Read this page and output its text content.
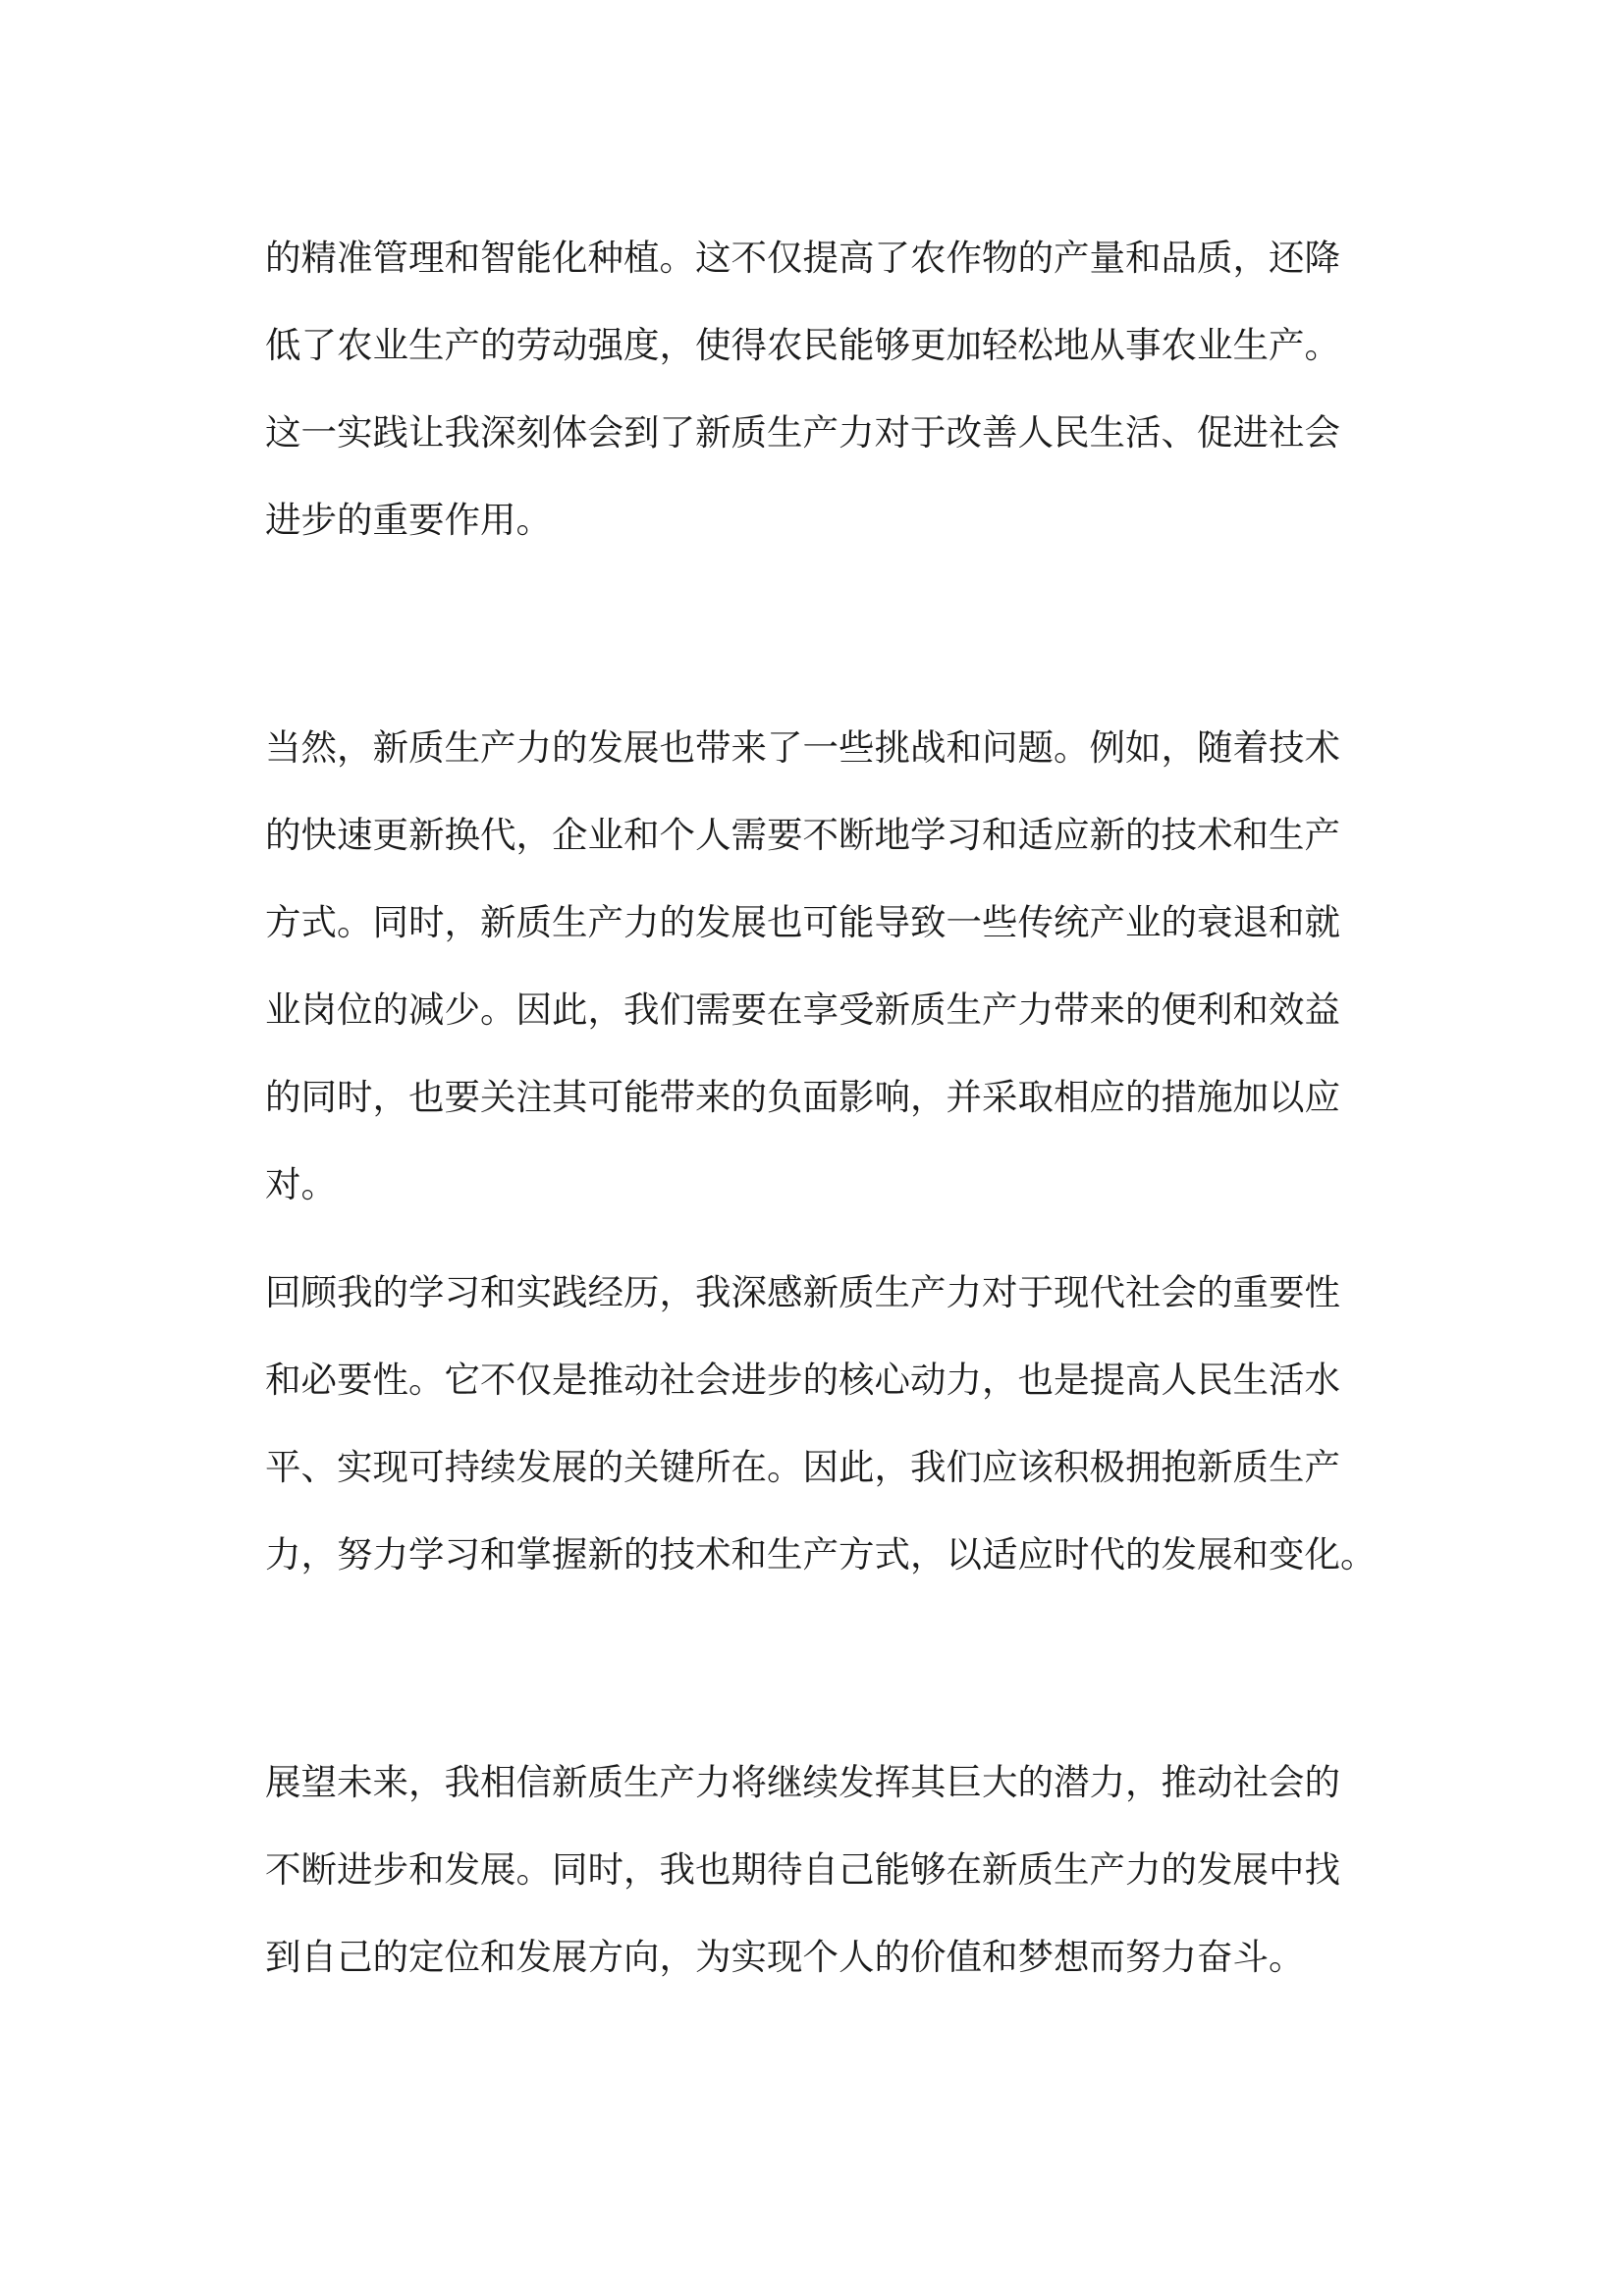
的精准管理和智能化种植。这不仅提高了农作物的产量和品质，还降
低了农业生产的劳动强度，使得农民能够更加轻松地从事农业生产。
这一实践让我深刻体会到了新质生产力对于改善人民生活、促进社会
进步的重要作用。
当然，新质生产力的发展也带来了一些挑战和问题。例如，随着技术
的快速更新换代，企业和个人需要不断地学习和适应新的技术和生产
方式。同时，新质生产力的发展也可能导致一些传统产业的衰退和就
业岗位的减少。因此，我们需要在享受新质生产力带来的便利和效益
的同时，也要关注其可能带来的负面影响，并采取相应的措施加以应
对。
回顾我的学习和实践经历，我深感新质生产力对于现代社会的重要性
和必要性。它不仅是推动社会进步的核心动力，也是提高人民生活水
平、实现可持续发展的关键所在。因此，我们应该积极拥抱新质生产
力，努力学习和掌握新的技术和生产方式，以适应时代的发展和变化。
展望未来，我相信新质生产力将继续发挥其巨大的潜力，推动社会的
不断进步和发展。同时，我也期待自己能够在新质生产力的发展中找
到自己的定位和发展方向，为实现个人的价值和梦想而努力奋斗。
